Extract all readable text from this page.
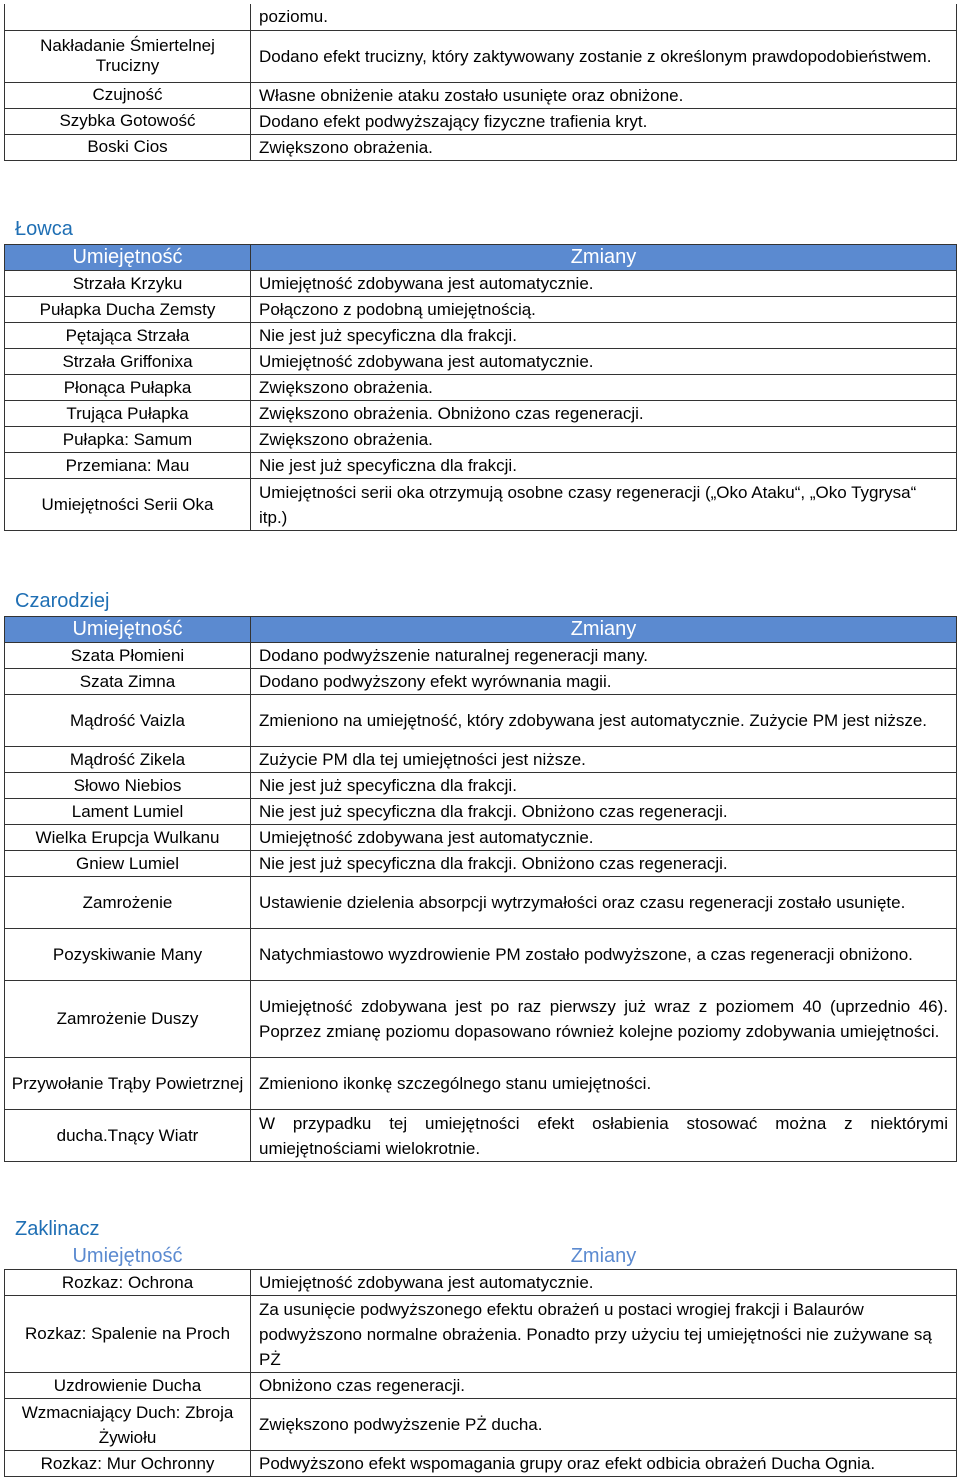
	poziomu.
Nakładanie Śmiertelnej Trucizny	Dodano efekt trucizny, który zaktywowany zostanie z określonym prawdopodobieństwem.
Czujność	Własne obniżenie ataku zostało usunięte oraz obniżone.
Szybka Gotowość	Dodano efekt podwyższający fizyczne trafienia kryt.
Boski Cios	Zwiększono obrażenia.
Łowca
Umiejętność	Zmiany
Strzała Krzyku	Umiejętność zdobywana jest automatycznie.
Pułapka Ducha Zemsty	Połączono z podobną umiejętnością.
Pętająca Strzała	Nie jest już specyficzna dla frakcji.
Strzała Griffonixa	Umiejętność zdobywana jest automatycznie.
Płonąca Pułapka	Zwiększono obrażenia.
Trująca Pułapka	Zwiększono obrażenia. Obniżono czas regeneracji.
Pułapka: Samum	Zwiększono obrażenia.
Przemiana: Mau	Nie jest już specyficzna dla frakcji.
Umiejętności Serii Oka	Umiejętności serii oka otrzymują osobne czasy regeneracji („Oko Ataku“, „Oko Tygrysa“ itp.)
Czarodziej
Umiejętność	Zmiany
Szata Płomieni	Dodano podwyższenie naturalnej regeneracji many.
Szata Zimna	Dodano podwyższony efekt wyrównania magii.
Mądrość Vaizla	Zmieniono na umiejętność, który zdobywana jest automatycznie. Zużycie PM jest niższe.
Mądrość Zikela	Zużycie PM dla tej umiejętności jest niższe.
Słowo Niebios	Nie jest już specyficzna dla frakcji.
Lament Lumiel	Nie jest już specyficzna dla frakcji. Obniżono czas regeneracji.
Wielka Erupcja Wulkanu	Umiejętność zdobywana jest automatycznie.
Gniew Lumiel	Nie jest już specyficzna dla frakcji. Obniżono czas regeneracji.
Zamrożenie	Ustawienie dzielenia absorpcji wytrzymałości oraz czasu regeneracji zostało usunięte.
Pozyskiwanie Many	Natychmiastowo wyzdrowienie PM zostało podwyższone, a czas regeneracji obniżono.
Zamrożenie Duszy	Umiejętność zdobywana jest po raz pierwszy już wraz z poziomem 40 (uprzednio 46). Poprzez zmianę poziomu dopasowano również kolejne poziomy zdobywania umiejętności.
Przywołanie Trąby Powietrznej	Zmieniono ikonkę szczególnego stanu umiejętności.
ducha.Tnący Wiatr	W przypadku tej umiejętności efekt osłabienia stosować można z niektórymi umiejętnościami wielokrotnie.
Zaklinacz
Umiejętność	Zmiany
Rozkaz: Ochrona	Umiejętność zdobywana jest automatycznie.
Rozkaz: Spalenie na Proch	Za usunięcie podwyższonego efektu obrażeń u postaci wrogiej frakcji i Balaurów podwyższono normalne obrażenia. Ponadto przy użyciu tej umiejętności nie zużywane są PŻ
Uzdrowienie Ducha	Obniżono czas regeneracji.
Wzmacniający Duch: Zbroja Żywiołu	Zwiększono podwyższenie PŻ ducha.
Rozkaz: Mur Ochronny	Podwyższono efekt wspomagania grupy oraz efekt odbicia obrażeń Ducha Ognia.
